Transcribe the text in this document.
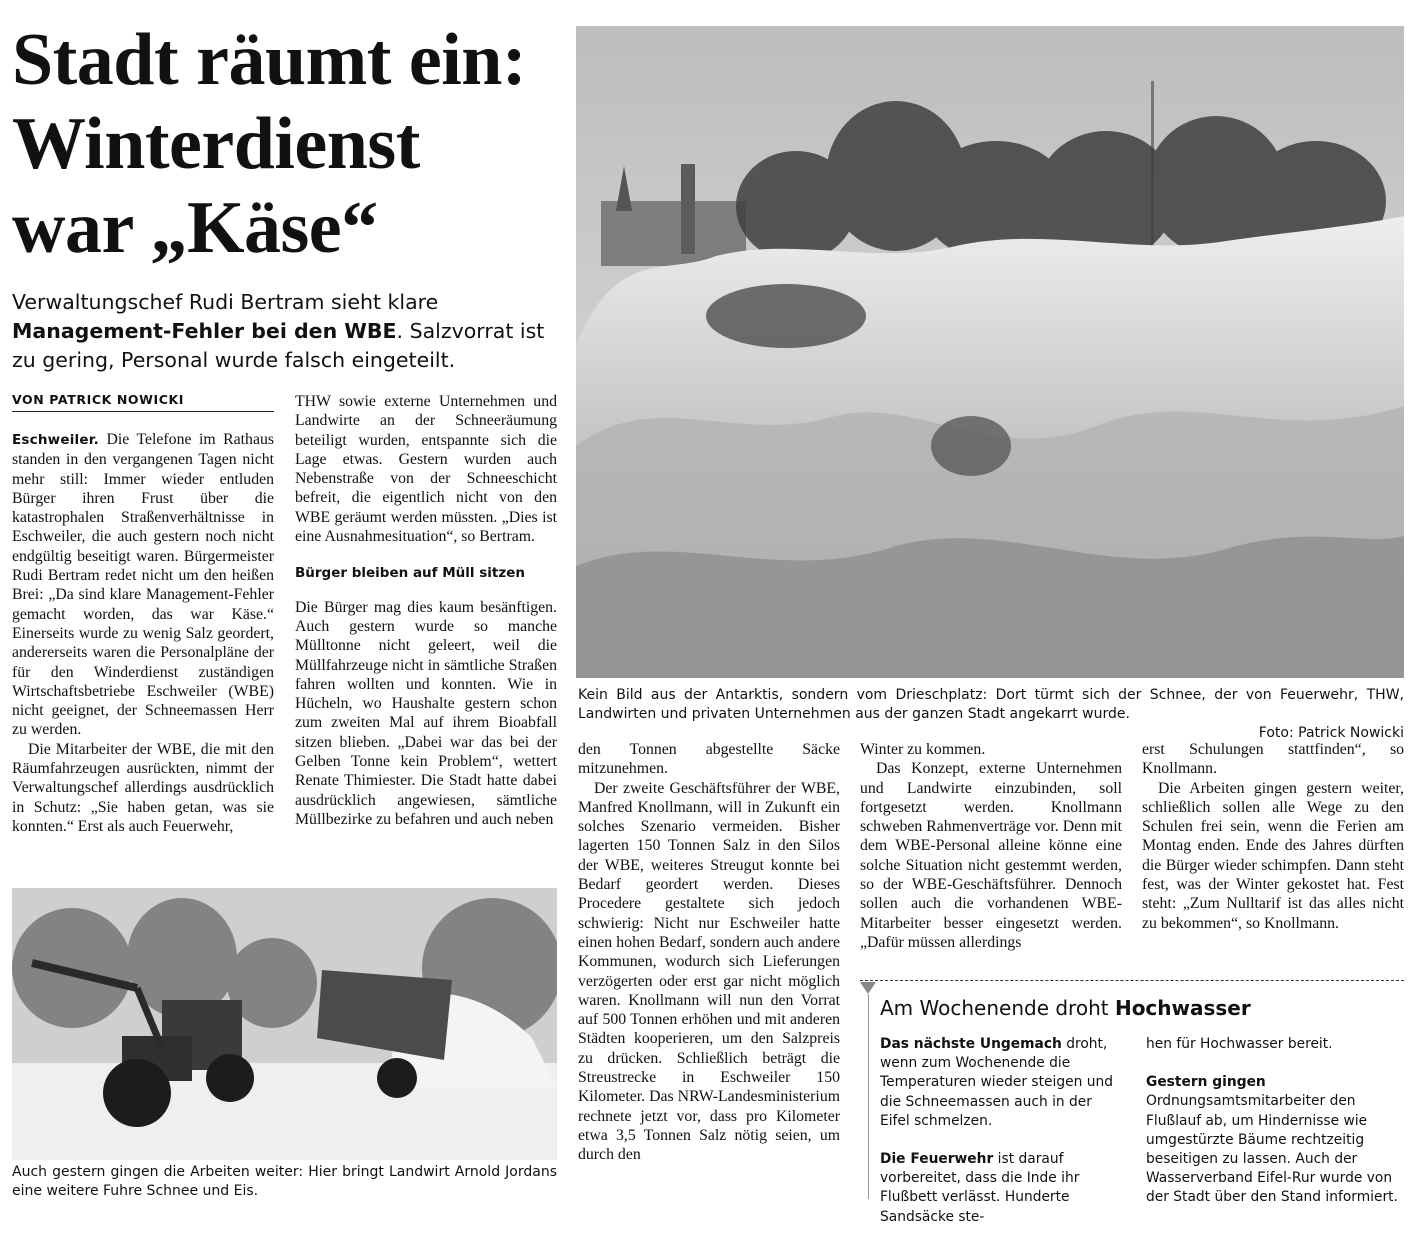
Stadt räumt ein:
Winterdienst
war „Käse“

Verwaltungschef Rudi Bertram sieht klare
Management-Fehler bei den WBE. Salzvorrat ist zu gering, Personal wurde falsch eingeteilt.

VON PATRICK NOWICKI

Eschweiler. Die Telefone im Rathaus standen in den vergangenen Tagen nicht mehr still: Immer wieder entluden Bürger ihren Frust über die katastrophalen Straßenverhältnisse in Eschweiler, die auch gestern noch nicht endgültig beseitigt waren. Bürgermeister Rudi Bertram redet nicht um den heißen Brei: „Da sind klare Management-Fehler gemacht worden, das war Käse.“ Einerseits wurde zu wenig Salz geordert, andererseits waren die Personalpläne der für den Winderdienst zuständigen Wirtschaftsbetriebe Eschweiler (WBE) nicht geeignet, der Schneemassen Herr zu werden.

Die Mitarbeiter der WBE, die mit den Räumfahrzeugen ausrückten, nimmt der Verwaltungschef allerdings ausdrücklich in Schutz: „Sie haben getan, was sie konnten.“ Erst als auch Feuerwehr,

THW sowie externe Unternehmen und Landwirte an der Schneeräumung beteiligt wurden, entspannte sich die Lage etwas. Gestern wurden auch Nebenstraße von der Schneeschicht befreit, die eigentlich nicht von den WBE geräumt werden müssten. „Dies ist eine Ausnahmesituation“, so Bertram.

Bürger bleiben auf Müll sitzen

Die Bürger mag dies kaum besänftigen. Auch gestern wurde so manche Mülltonne nicht geleert, weil die Müllfahrzeuge nicht in sämtliche Straßen fahren wollten und konnten. Wie in Hücheln, wo Haushalte gestern schon zum zweiten Mal auf ihrem Bioabfall sitzen blieben. „Dabei war das bei der Gelben Tonne kein Problem“, wettert Renate Thimiester. Die Stadt hatte dabei ausdrücklich angewiesen, sämtliche Müllbezirke zu befahren und auch neben

Kein Bild aus der Antarktis, sondern vom Drieschplatz: Dort türmt sich der Schnee, der von Feuerwehr, THW, Landwirten und privaten Unternehmen aus der ganzen Stadt angekarrt wurde.
Foto: Patrick Nowicki
Auch gestern gingen die Arbeiten weiter: Hier bringt Landwirt Arnold Jordans eine weitere Fuhre Schnee und Eis.

den Tonnen abgestellte Säcke mitzunehmen.

Der zweite Geschäftsführer der WBE, Manfred Knollmann, will in Zukunft ein solches Szenario vermeiden. Bisher lagerten 150 Tonnen Salz in den Silos der WBE, weiteres Streugut konnte bei Bedarf geordert werden. Dieses Procedere gestaltete sich jedoch schwierig: Nicht nur Eschweiler hatte einen hohen Bedarf, sondern auch andere Kommunen, wodurch sich Lieferungen verzögerten oder erst gar nicht möglich waren. Knollmann will nun den Vorrat auf 500 Tonnen erhöhen und mit anderen Städten kooperieren, um den Salzpreis zu drücken. Schließlich beträgt die Streustrecke in Eschweiler 150 Kilometer. Das NRW-Landesministerium rechnete jetzt vor, dass pro Kilometer etwa 3,5 Tonnen Salz nötig seien, um durch den

Winter zu kommen.

Das Konzept, externe Unternehmen und Landwirte einzubinden, soll fortgesetzt werden. Knollmann schweben Rahmenverträge vor. Denn mit dem WBE-Personal alleine könne eine solche Situation nicht gestemmt werden, so der WBE-Geschäftsführer. Dennoch sollen auch die vorhandenen WBE-Mitarbeiter besser eingesetzt werden. „Dafür müssen allerdings

erst Schulungen stattfinden“, so Knollmann.

Die Arbeiten gingen gestern weiter, schließlich sollen alle Wege zu den Schulen frei sein, wenn die Ferien am Montag enden. Ende des Jahres dürften die Bürger wieder schimpfen. Dann steht fest, was der Winter gekostet hat. Fest steht: „Zum Nulltarif ist das alles nicht zu bekommen“, so Knollmann.

Am Wochenende droht Hochwasser

Das nächste Ungemach droht, wenn zum Wochenende die Temperaturen wieder steigen und die Schneemassen auch in der Eifel schmelzen.

Die Feuerwehr ist darauf vorbereitet, dass die Inde ihr Flußbett verlässt. Hunderte Sandsäcke ste-

hen für Hochwasser bereit.

Gestern gingen Ordnungsamtsmitarbeiter den Flußlauf ab, um Hindernisse wie umgestürzte Bäume rechtzeitig beseitigen zu lassen. Auch der Wasserverband Eifel-Rur wurde von der Stadt über den Stand informiert.
